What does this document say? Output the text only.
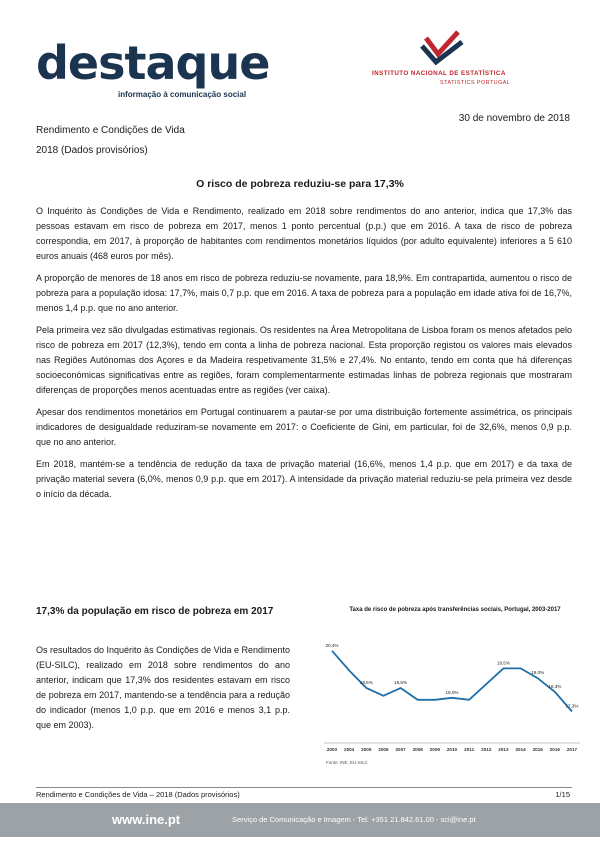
destaque
informação à comunicação social
INSTITUTO NACIONAL DE ESTATÍSTICA
STATISTICS PORTUGAL
30 de novembro de 2018
Rendimento e Condições de Vida
2018 (Dados provisórios)
O risco de pobreza reduziu-se para 17,3%

O Inquérito às Condições de Vida e Rendimento, realizado em 2018 sobre rendimentos do ano anterior, indica que 17,3% das pessoas estavam em risco de pobreza em 2017, menos 1 ponto percentual (p.p.) que em 2016. A taxa de risco de pobreza correspondia, em 2017, à proporção de habitantes com rendimentos monetários líquidos (por adulto equivalente) inferiores a 5 610 euros anuais (468 euros por mês).

A proporção de menores de 18 anos em risco de pobreza reduziu-se novamente, para 18,9%. Em contrapartida, aumentou o risco de pobreza para a população idosa: 17,7%, mais 0,7 p.p. que em 2016. A taxa de pobreza para a população em idade ativa foi de 16,7%, menos 1,4 p.p. que no ano anterior.

Pela primeira vez são divulgadas estimativas regionais. Os residentes na Área Metropolitana de Lisboa foram os menos afetados pelo risco de pobreza em 2017 (12,3%), tendo em conta a linha de pobreza nacional. Esta proporção registou os valores mais elevados nas Regiões Autónomas dos Açores e da Madeira respetivamente 31,5% e 27,4%. No entanto, tendo em conta que há diferenças socioeconómicas significativas entre as regiões, foram complementarmente estimadas linhas de pobreza regionais que mostraram diferenças de proporções menos acentuadas entre as regiões (ver caixa).

Apesar dos rendimentos monetários em Portugal continuarem a pautar-se por uma distribuição fortemente assimétrica, os principais indicadores de desigualdade reduziram-se novamente em 2017: o Coeficiente de Gini, em particular, foi de 32,6%, menos 0,9 p.p. que no ano anterior.

Em 2018, mantém-se a tendência de redução da taxa de privação material (16,6%, menos 1,4 p.p. que em 2017) e da taxa de privação material severa (6,0%, menos 0,9 p.p. que em 2017). A intensidade da privação material reduziu-se pela primeira vez desde o início da década.

17,3% da população em risco de pobreza em 2017

Os resultados do Inquérito às Condições de Vida e Rendimento (EU-SILC), realizado em 2018 sobre rendimentos do ano anterior, indicam que 17,3% dos residentes estavam em risco de pobreza em 2017, mantendo-se a tendência para a redução do indicador (menos 1,0 p.p. que em 2016 e menos 3,1 p.p. que em 2003).

Taxa de risco de pobreza após transferências sociais, Portugal, 2003-2017
2003 2004 2005 2006 2007 2008 2009 2010 2011 2012 2013 2014 2015 2016 2017
20,4%
18,5%	18,5%
18,0%
19,5%
19,0%
18,3%
17,3%
Fonte: INE, EU-SILC
Rendimento e Condições de Vida – 2018 (Dados provisórios)	1/15
www.ine.pt	Serviço de Comunicação e Imagem - Tel: +351 21.842.61.00 - sci@ine.pt
